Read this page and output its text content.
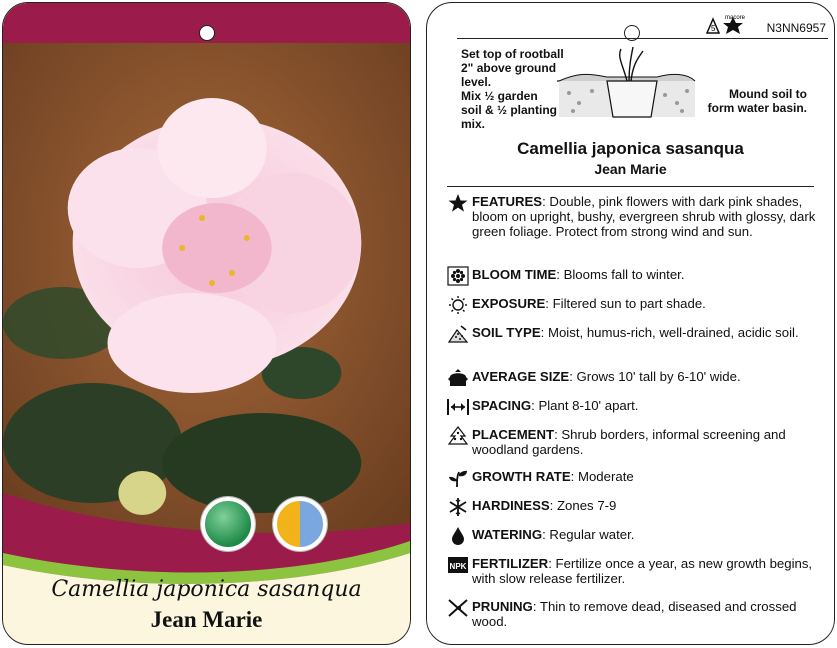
Camellia japonica sasanqua
Jean Marie
5
macore
N3NN6957
Set top of rootball 2" above ground level.
Mix ½ garden soil & ½ planting mix.
Mound soil to form water basin.
Camellia japonica sasanqua
Jean Marie
FEATURES: Double, pink flowers with dark pink shades, bloom on upright, bushy, evergreen shrub with glossy, dark green foliage. Protect from strong wind and sun.
BLOOM TIME: Blooms fall to winter.
EXPOSURE: Filtered sun to part shade.
SOIL TYPE: Moist, humus-rich, well-drained, acidic soil.
AVERAGE SIZE: Grows 10' tall by 6-10' wide.
SPACING: Plant 8-10' apart.
PLACEMENT: Shrub borders, informal screening and woodland gardens.
GROWTH RATE: Moderate
HARDINESS: Zones 7-9
WATERING: Regular water.
NPK FERTILIZER: Fertilize once a year, as new growth begins, with slow release fertilizer.
PRUNING: Thin to remove dead, diseased and crossed wood.
